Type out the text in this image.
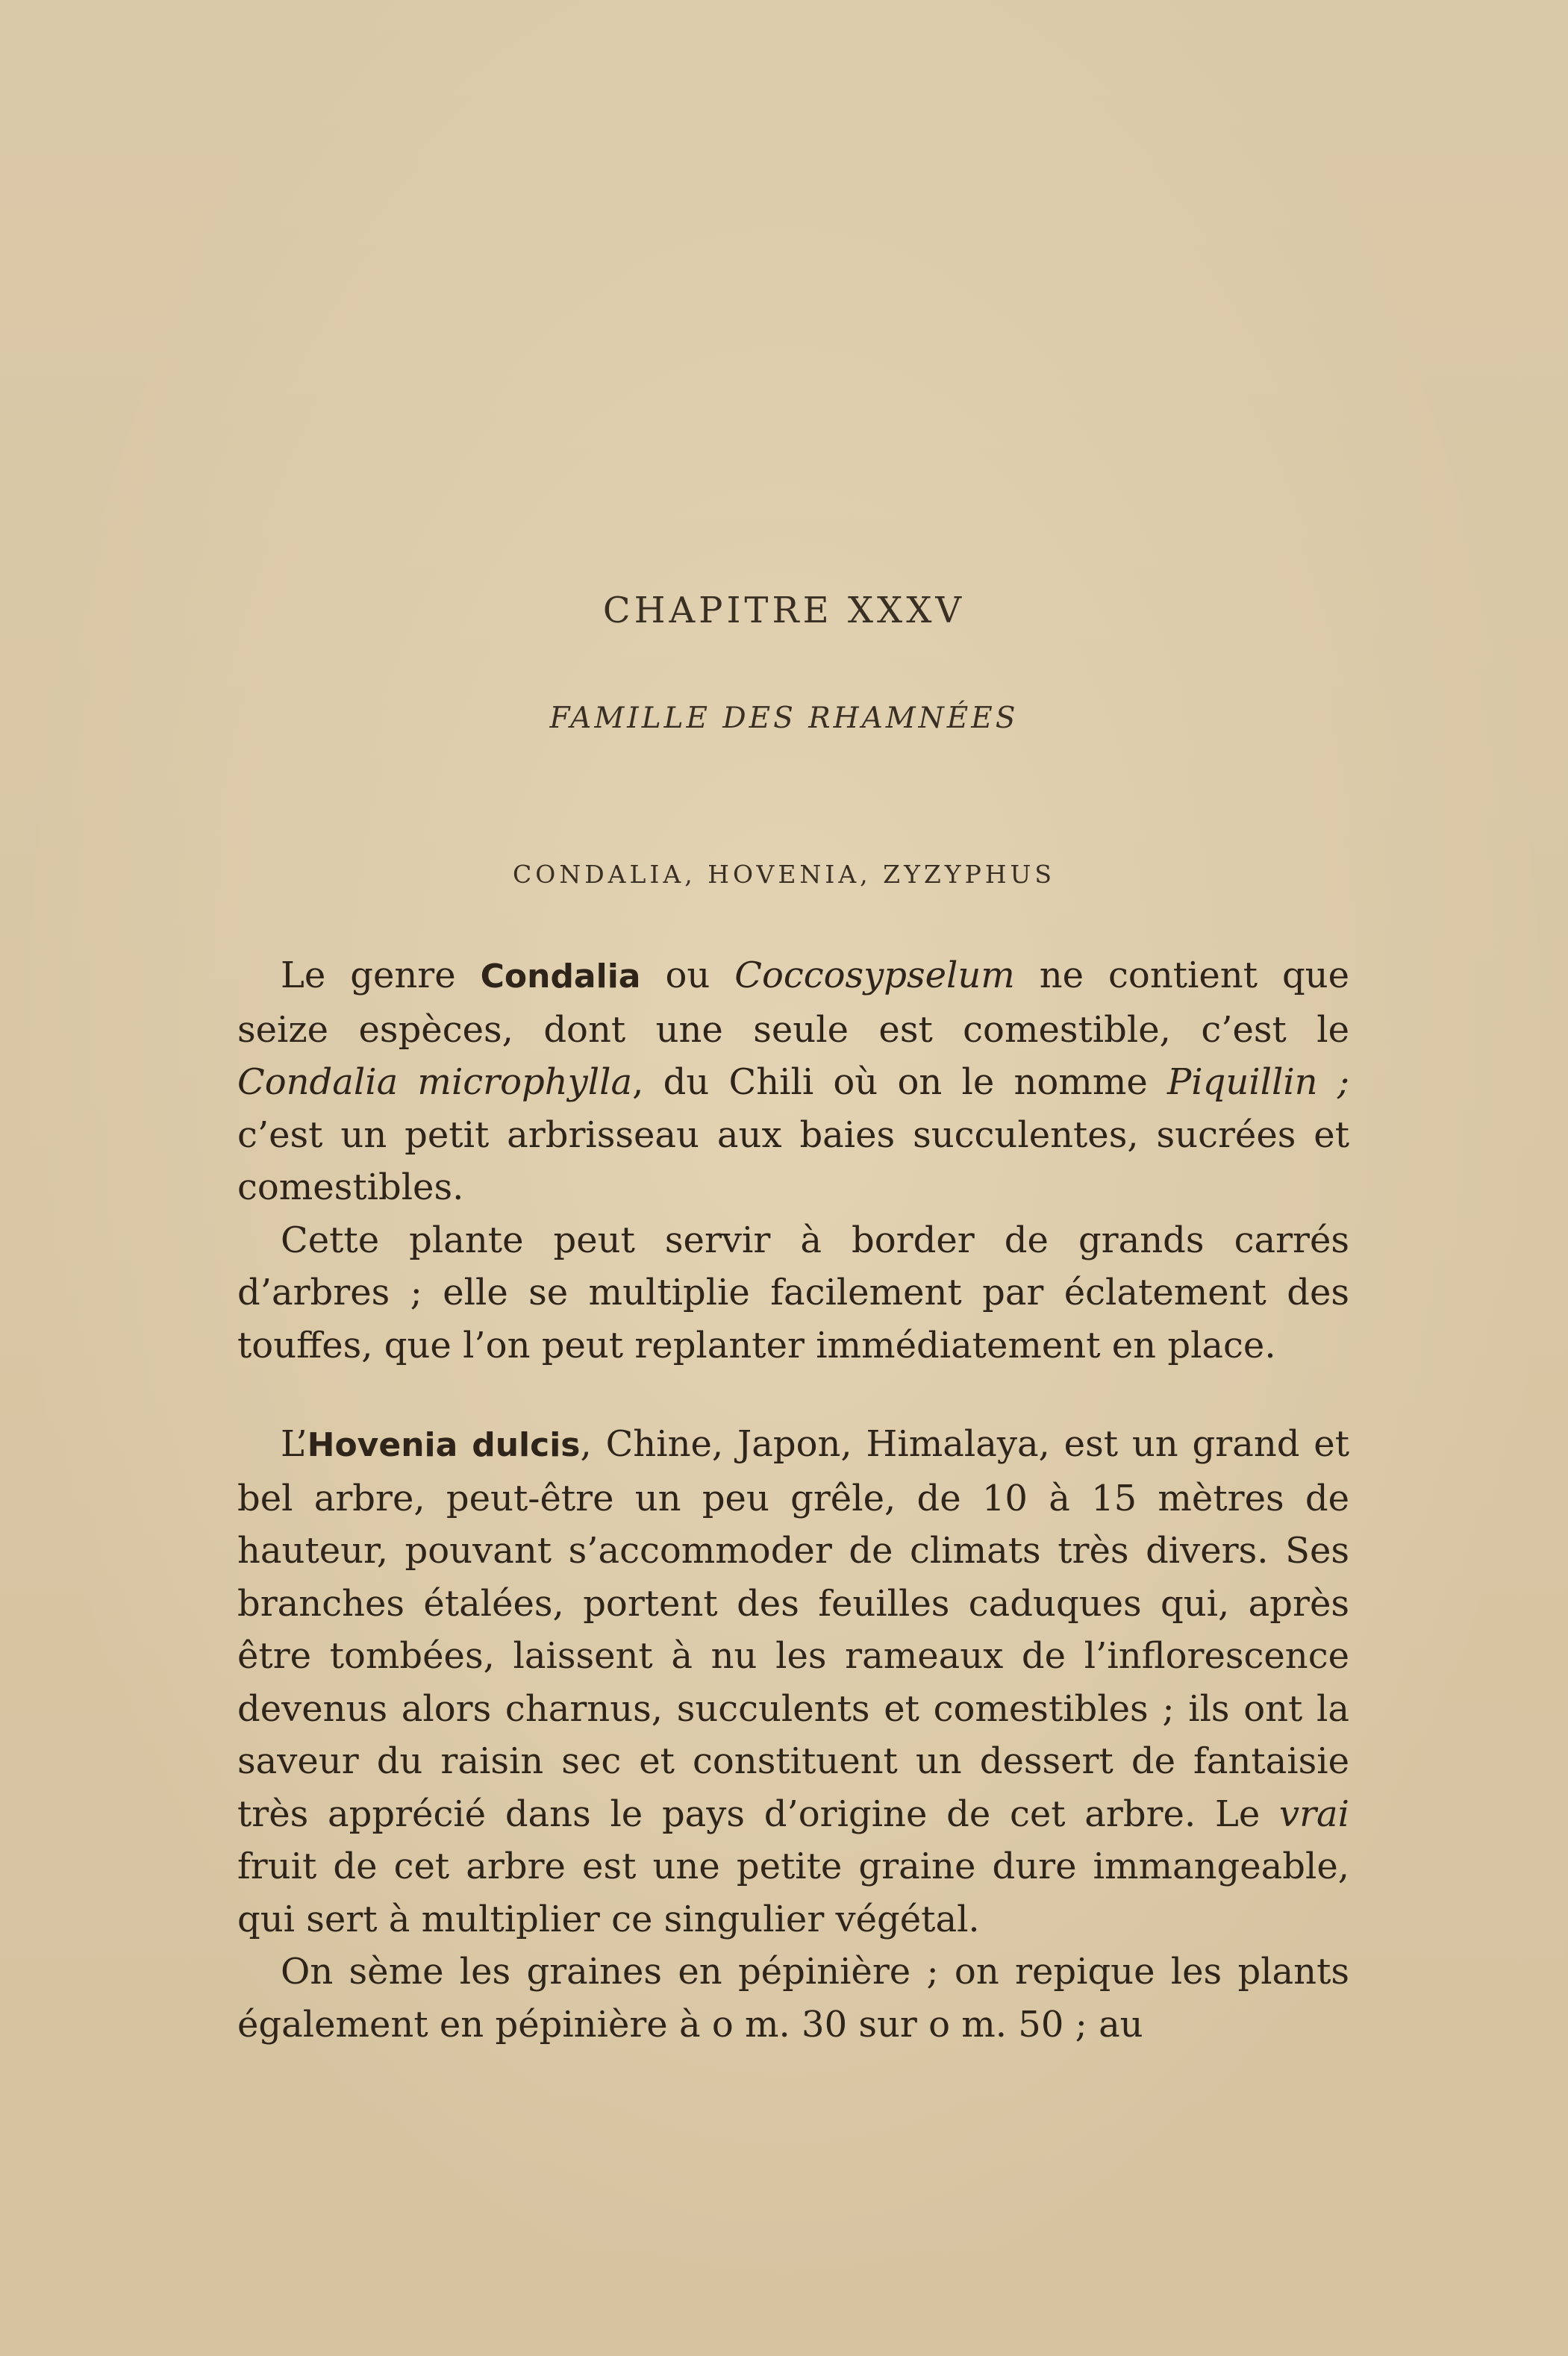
CHAPITRE XXXV
FAMILLE DES RHAMNÉES
CONDALIA, HOVENIA, ZYZYPHUS

Le genre Condalia ou Coccosypselum ne contient que seize espèces, dont une seule est comestible, c’est le Condalia microphylla, du Chili où on le nomme Piquillin ; c’est un petit arbrisseau aux baies succulentes, sucrées et comestibles.

Cette plante peut servir à border de grands carrés d’arbres ; elle se multiplie facilement par éclatement des touffes, que l’on peut replanter immédiatement en place.

L’Hovenia dulcis, Chine, Japon, Himalaya, est un grand et bel arbre, peut-être un peu grêle, de 10 à 15 mètres de hauteur, pouvant s’accommoder de climats très divers. Ses branches étalées, portent des feuilles caduques qui, après être tombées, laissent à nu les rameaux de l’inflorescence devenus alors charnus, succulents et comestibles ; ils ont la saveur du raisin sec et constituent un dessert de fantaisie très apprécié dans le pays d’origine de cet arbre. Le vrai fruit de cet arbre est une petite graine dure immangeable, qui sert à multiplier ce singulier végétal.

On sème les graines en pépinière ; on repique les plants également en pépinière à o m. 30 sur o m. 50 ; au
